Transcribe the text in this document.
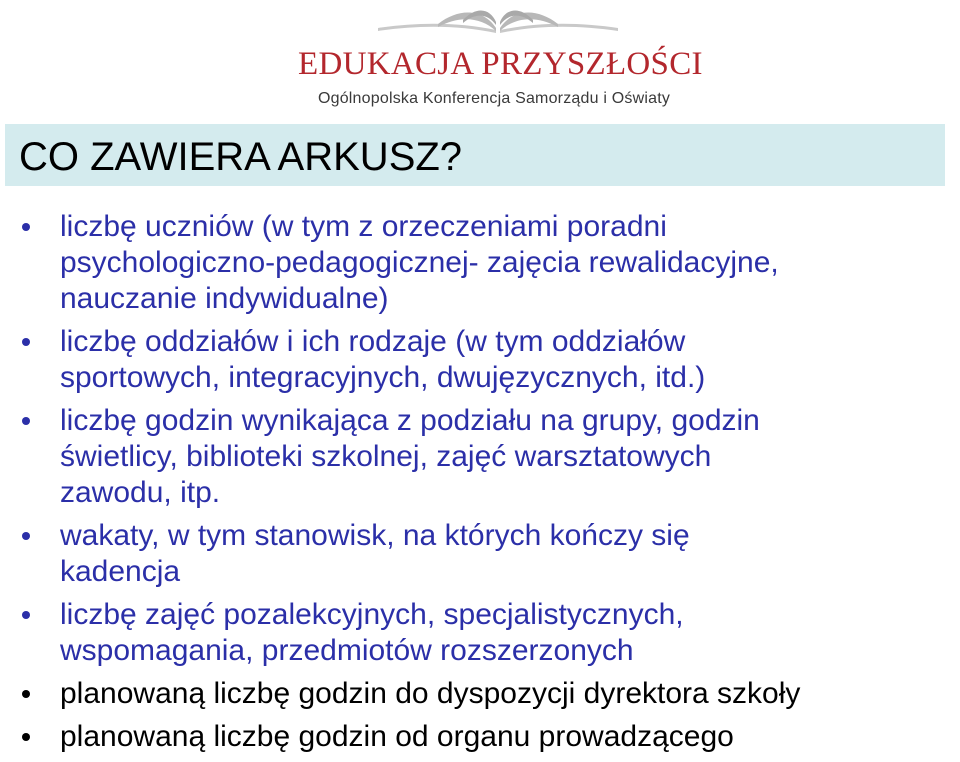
EDUKACJA PRZYSZŁOŚCI
Ogólnopolska Konferencja Samorządu i Oświaty
CO ZAWIERA ARKUSZ?
liczbę uczniów (w tym z orzeczeniami poradni
psychologiczno-pedagogicznej- zajęcia rewalidacyjne,
nauczanie indywidualne)
liczbę oddziałów i ich rodzaje (w tym oddziałów
sportowych, integracyjnych, dwujęzycznych, itd.)
liczbę godzin wynikająca z podziału na grupy, godzin
świetlicy, biblioteki szkolnej, zajęć warsztatowych
zawodu, itp.
wakaty, w tym stanowisk, na których kończy się
kadencja
liczbę zajęć pozalekcyjnych, specjalistycznych,
wspomagania, przedmiotów rozszerzonych
planowaną liczbę godzin do dyspozycji dyrektora szkoły
planowaną liczbę godzin od organu prowadzącego
